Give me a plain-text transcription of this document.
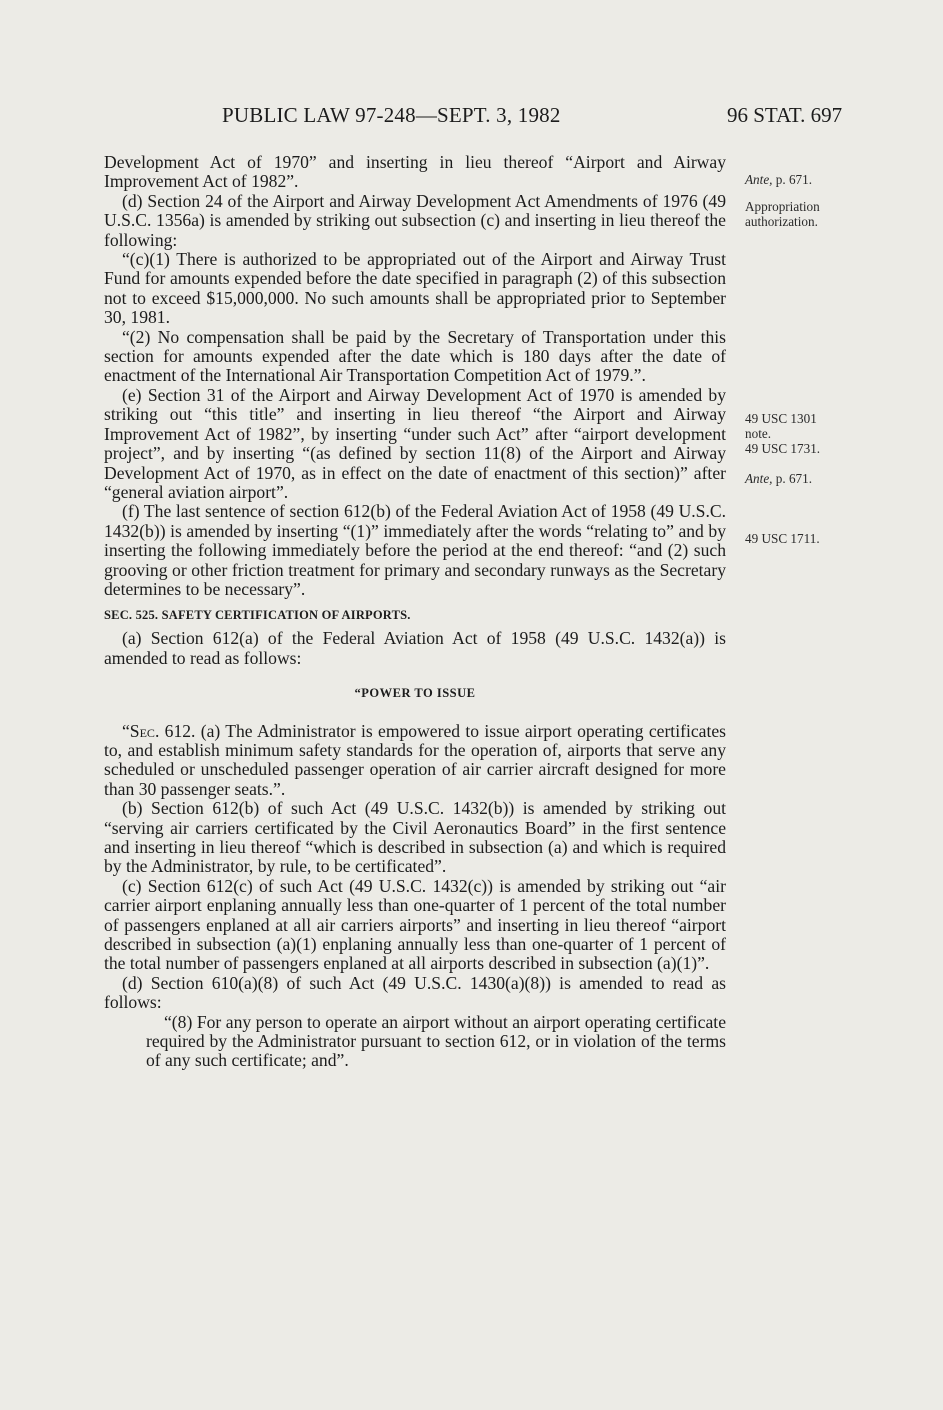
PUBLIC LAW 97-248—SEPT. 3, 1982	96 STAT. 697

Development Act of 1970” and inserting in lieu thereof “Airport and Airway Improvement Act of 1982”.

(d) Section 24 of the Airport and Airway Development Act Amendments of 1976 (49 U.S.C. 1356a) is amended by striking out subsection (c) and inserting in lieu thereof the following:

“(c)(1) There is authorized to be appropriated out of the Airport and Airway Trust Fund for amounts expended before the date specified in paragraph (2) of this subsection not to exceed $15,000,000. No such amounts shall be appropriated prior to September 30, 1981.

“(2) No compensation shall be paid by the Secretary of Transportation under this section for amounts expended after the date which is 180 days after the date of enactment of the International Air Transportation Competition Act of 1979.”.

(e) Section 31 of the Airport and Airway Development Act of 1970 is amended by striking out “this title” and inserting in lieu thereof “the Airport and Airway Improvement Act of 1982”, by inserting “under such Act” after “airport development project”, and by inserting “(as defined by section 11(8) of the Airport and Airway Development Act of 1970, as in effect on the date of enactment of this section)” after “general aviation airport”.

(f) The last sentence of section 612(b) of the Federal Aviation Act of 1958 (49 U.S.C. 1432(b)) is amended by inserting “(1)” immediately after the words “relating to” and by inserting the following immediately before the period at the end thereof: “and (2) such grooving or other friction treatment for primary and secondary runways as the Secretary determines to be necessary”.

SEC. 525. SAFETY CERTIFICATION OF AIRPORTS.

(a) Section 612(a) of the Federal Aviation Act of 1958 (49 U.S.C. 1432(a)) is amended to read as follows:

“POWER TO ISSUE

“Sec. 612. (a) The Administrator is empowered to issue airport operating certificates to, and establish minimum safety standards for the operation of, airports that serve any scheduled or unscheduled passenger operation of air carrier aircraft designed for more than 30 passenger seats.”.

(b) Section 612(b) of such Act (49 U.S.C. 1432(b)) is amended by striking out “serving air carriers certificated by the Civil Aeronautics Board” in the first sentence and inserting in lieu thereof “which is described in subsection (a) and which is required by the Administrator, by rule, to be certificated”.

(c) Section 612(c) of such Act (49 U.S.C. 1432(c)) is amended by striking out “air carrier airport enplaning annually less than one-quarter of 1 percent of the total number of passengers enplaned at all air carriers airports” and inserting in lieu thereof “airport described in subsection (a)(1) enplaning annually less than one-quarter of 1 percent of the total number of passengers enplaned at all airports described in subsection (a)(1)”.

(d) Section 610(a)(8) of such Act (49 U.S.C. 1430(a)(8)) is amended to read as follows:

“(8) For any person to operate an airport without an airport operating certificate required by the Administrator pursuant to section 612, or in violation of the terms of any such certificate; and”.

Ante, p. 671.
Appropriation
authorization.
49 USC 1301
note.
49 USC 1731.
Ante, p. 671.
49 USC 1711.
